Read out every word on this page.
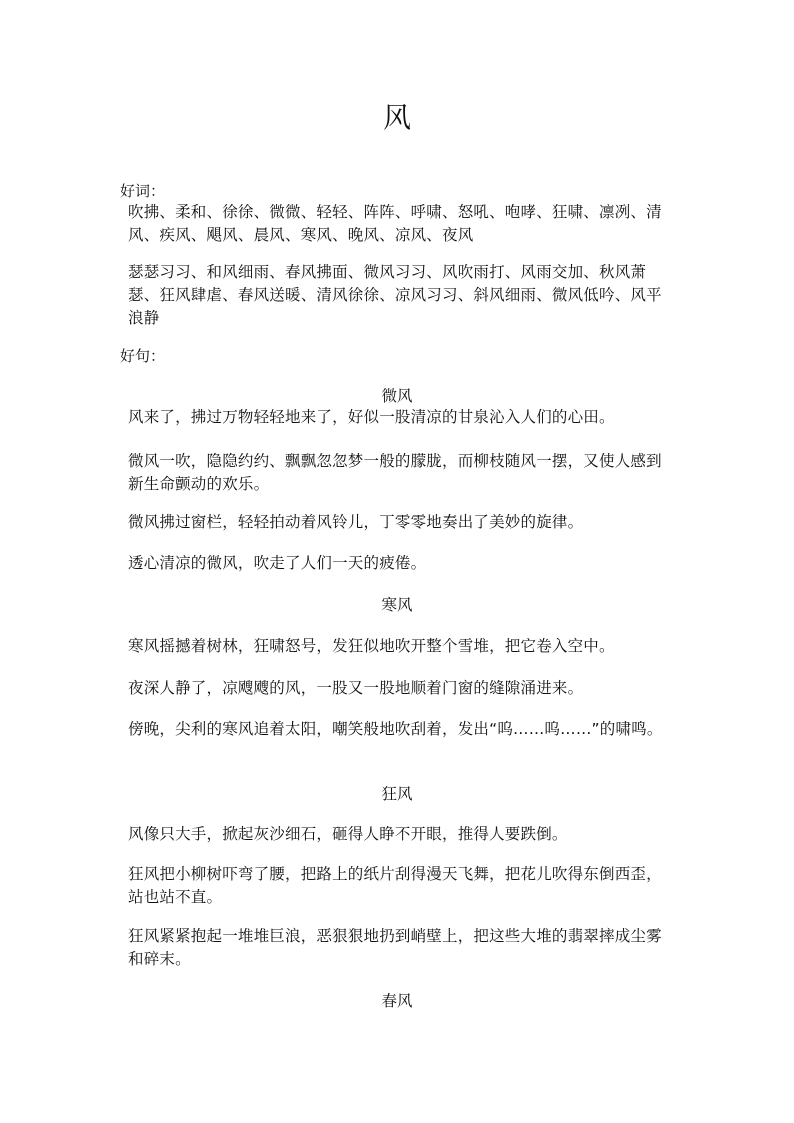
风
好词：
吹拂、柔和、徐徐、微微、轻轻、阵阵、呼啸、怒吼、咆哮、狂啸、凛冽、清风、疾风、飓风、晨风、寒风、晚风、凉风、夜风
瑟瑟习习、和风细雨、春风拂面、微风习习、风吹雨打、风雨交加、秋风萧瑟、狂风肆虐、春风送暖、清风徐徐、凉风习习、斜风细雨、微风低吟、风平浪静
好句：
微风
风来了，拂过万物轻轻地来了，好似一股清凉的甘泉沁入人们的心田。
微风一吹，隐隐约约、飘飘忽忽梦一般的朦胧，而柳枝随风一摆，又使人感到新生命颤动的欢乐。
微风拂过窗栏，轻轻拍动着风铃儿，丁零零地奏出了美妙的旋律。
透心清凉的微风，吹走了人们一天的疲倦。
寒风
寒风摇撼着树林，狂啸怒号，发狂似地吹开整个雪堆，把它卷入空中。
夜深人静了，凉飕飕的风，一股又一股地顺着门窗的缝隙涌进来。
傍晚，尖利的寒风追着太阳，嘲笑般地吹刮着，发出“呜……呜……”的啸鸣。
狂风
风像只大手，掀起灰沙细石，砸得人睁不开眼，推得人要跌倒。
狂风把小柳树吓弯了腰，把路上的纸片刮得漫天飞舞，把花儿吹得东倒西歪，站也站不直。
狂风紧紧抱起一堆堆巨浪，恶狠狠地扔到峭壁上，把这些大堆的翡翠摔成尘雾和碎末。
春风
